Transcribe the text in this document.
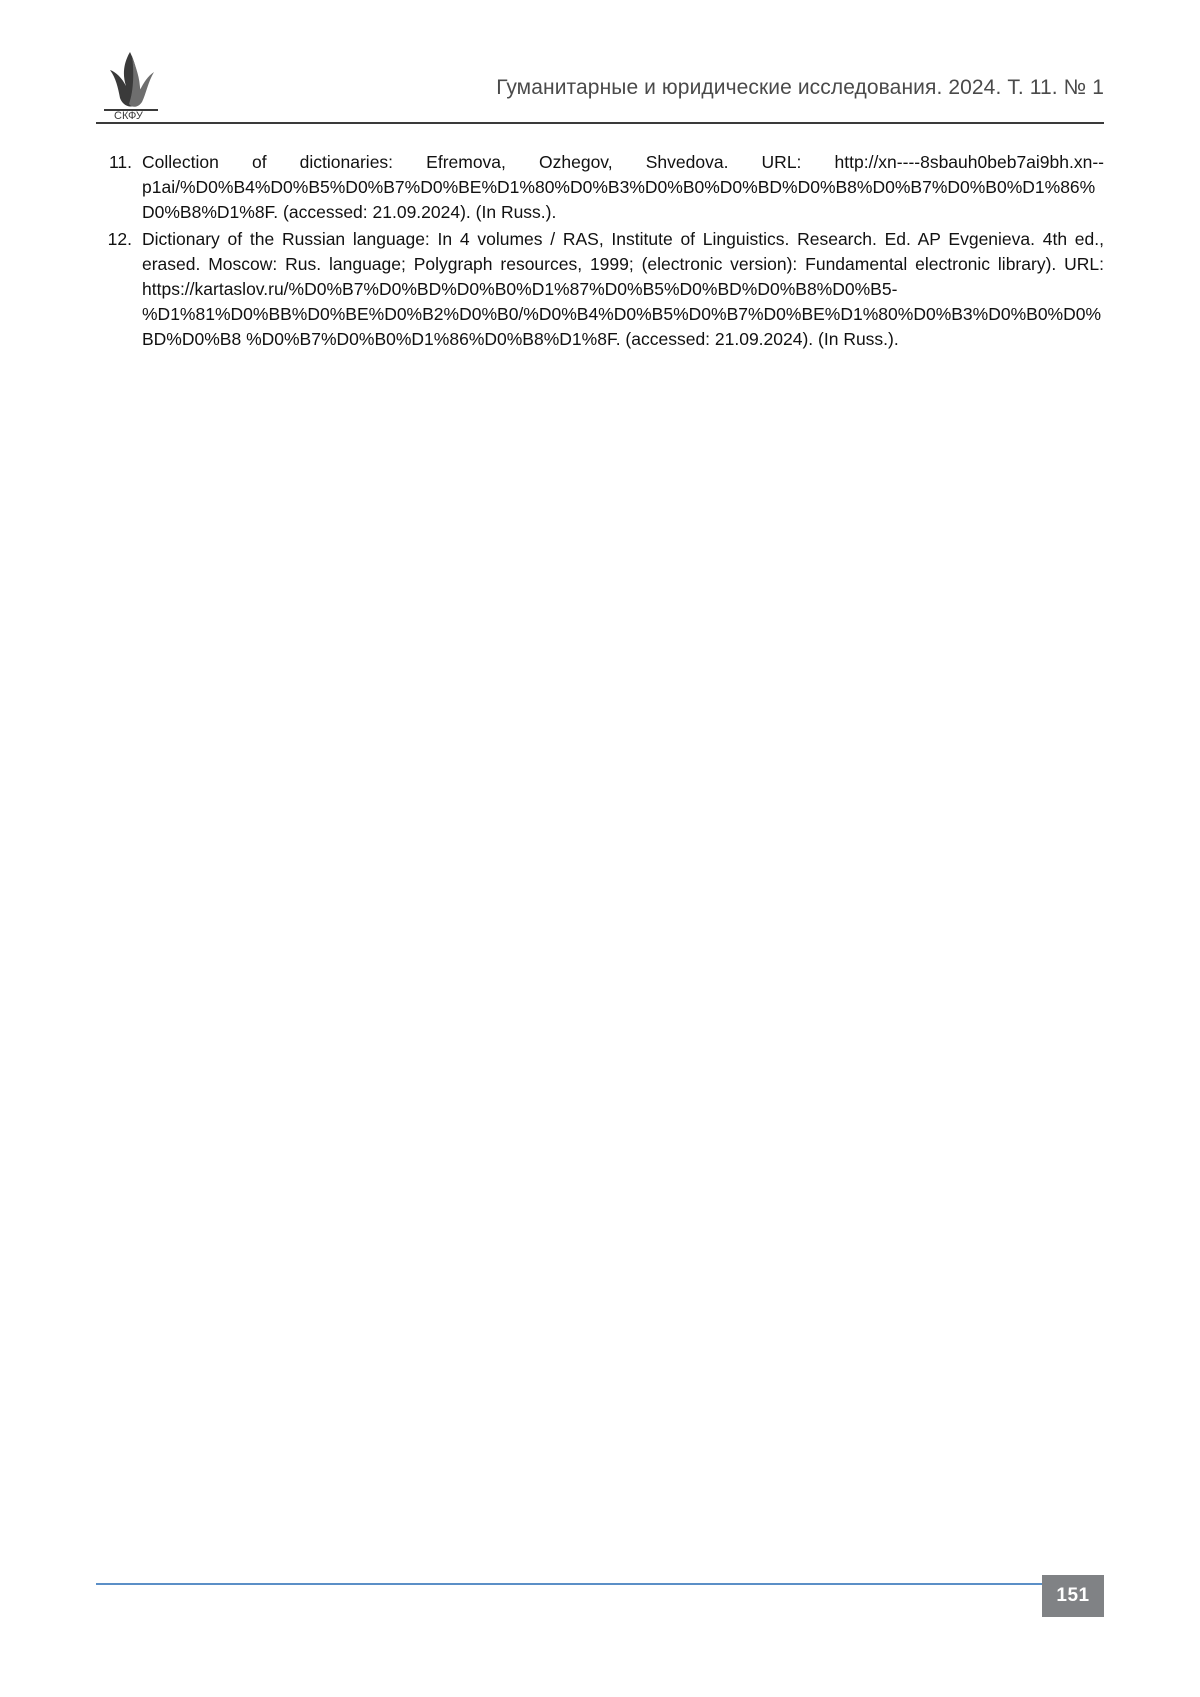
СКФУ
Гуманитарные и юридические исследования. 2024. Т. 11. № 1
11. Collection of dictionaries: Efremova, Ozhegov, Shvedova. URL: http://xn----8sbauh0beb7ai9bh.xn--p1ai/%D0%B4%D0%B5%D0%B7%D0%BE%D1%80%D0%B3%D0%B0%D0%BD%D0%B8%D0%B7%D0%B0%D1%86%D0%B8%D1%8F. (accessed: 21.09.2024). (In Russ.).
12. Dictionary of the Russian language: In 4 volumes / RAS, Institute of Linguistics. Research. Ed. AP Evgenieva. 4th ed., erased. Moscow: Rus. language; Polygraph resources, 1999; (electronic version): Fundamental electronic library). URL: https://kartaslov.ru/%D0%B7%D0%BD%D0%B0%D1%87%D0%B5%D0%BD%D0%B8%D0%B5-%D1%81%D0%BB%D0%BE%D0%B2%D0%B0/%D0%B4%D0%B5%D0%B7%D0%BE%D1%80%D0%B3%D0%B0%D0%BD%D0%B8 %D0%B7%D0%B0%D1%86%D0%B8%D1%8F. (accessed: 21.09.2024). (In Russ.).
151
